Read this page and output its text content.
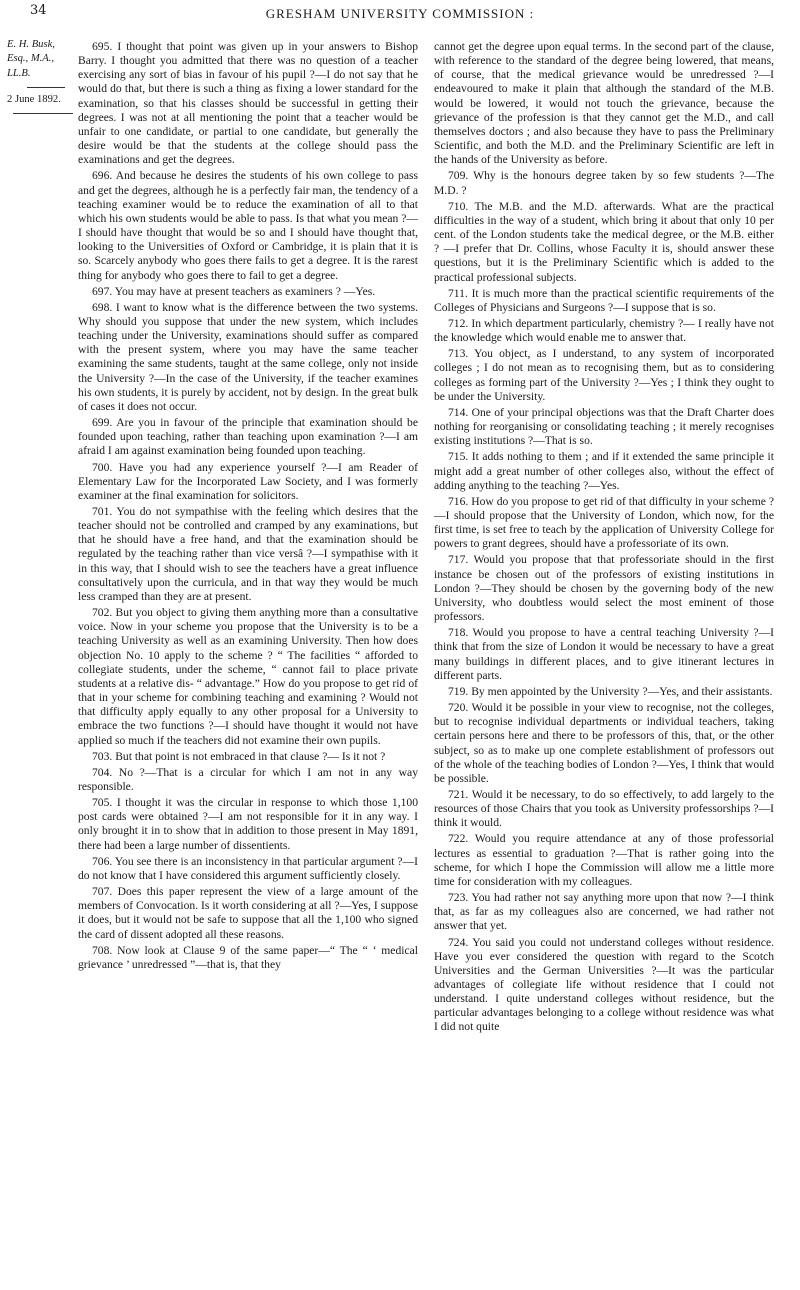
34	GRESHAM UNIVERSITY COMMISSION :
E. H. Busk,
Esq., M.A.,
LL.B.
2 June 1892.

695. I thought that point was given up in your answers to Bishop Barry. I thought you admitted that there was no question of a teacher exercising any sort of bias in favour of his pupil ?—I do not say that he would do that, but there is such a thing as fixing a lower standard for the examination, so that his classes should be successful in getting their degrees. I was not at all mentioning the point that a teacher would be unfair to one candidate, or partial to one candidate, but generally the desire would be that the students at the college should pass the examinations and get the degrees.

696. And because he desires the students of his own college to pass and get the degrees, although he is a perfectly fair man, the tendency of a teaching examiner would be to reduce the examination of all to that which his own students would be able to pass. Is that what you mean ?—I should have thought that would be so and I should have thought that, looking to the Universities of Oxford or Cambridge, it is plain that it is so. Scarcely anybody who goes there fails to get a degree. It is the rarest thing for anybody who goes there to fail to get a degree.

697. You may have at present teachers as examiners ? —Yes.

698. I want to know what is the difference between the two systems. Why should you suppose that under the new system, which includes teaching under the University, examinations should suffer as compared with the present system, where you may have the same teacher examining the same students, taught at the same college, only not inside the University ?—In the case of the University, if the teacher examines his own students, it is purely by accident, not by design. In the great bulk of cases it does not occur.

699. Are you in favour of the principle that examination should be founded upon teaching, rather than teaching upon examination ?—I am afraid I am against examination being founded upon teaching.

700. Have you had any experience yourself ?—I am Reader of Elementary Law for the Incorporated Law Society, and I was formerly examiner at the final examination for solicitors.

701. You do not sympathise with the feeling which desires that the teacher should not be controlled and cramped by any examinations, but that he should have a free hand, and that the examination should be regulated by the teaching rather than vice versâ ?—I sympathise with it in this way, that I should wish to see the teachers have a great influence consultatively upon the curricula, and in that way they would be much less cramped than they are at present.

702. But you object to giving them anything more than a consultative voice. Now in your scheme you propose that the University is to be a teaching University as well as an examining University. Then how does objection No. 10 apply to the scheme ? “ The facilities “ afforded to collegiate students, under the scheme, “ cannot fail to place private students at a relative dis- “ advantage.” How do you propose to get rid of that in your scheme for combining teaching and examining ? Would not that difficulty apply equally to any other proposal for a University to embrace the two functions ?—I should have thought it would not have applied so much if the teachers did not examine their own pupils.

703. But that point is not embraced in that clause ?— Is it not ?

704. No ?—That is a circular for which I am not in any way responsible.

705. I thought it was the circular in response to which those 1,100 post cards were obtained ?—I am not responsible for it in any way. I only brought it in to show that in addition to those present in May 1891, there had been a large number of dissentients.

706. You see there is an inconsistency in that particular argument ?—I do not know that I have considered this argument sufficiently closely.

707. Does this paper represent the view of a large amount of the members of Convocation. Is it worth considering at all ?—Yes, I suppose it does, but it would not be safe to suppose that all the 1,100 who signed the card of dissent adopted all these reasons.

708. Now look at Clause 9 of the same paper—“ The “ ‘ medical grievance ’ unredressed ”—that is, that they

cannot get the degree upon equal terms. In the second part of the clause, with reference to the standard of the degree being lowered, that means, of course, that the medical grievance would be unredressed ?—I endeavoured to make it plain that although the standard of the M.B. would be lowered, it would not touch the grievance, because the grievance of the profession is that they cannot get the M.D., and call themselves doctors ; and also because they have to pass the Preliminary Scientific, and both the M.D. and the Preliminary Scientific are left in the hands of the University as before.

709. Why is the honours degree taken by so few students ?—The M.D. ?

710. The M.B. and the M.D. afterwards. What are the practical difficulties in the way of a student, which bring it about that only 10 per cent. of the London students take the medical degree, or the M.B. either ? —I prefer that Dr. Collins, whose Faculty it is, should answer these questions, but it is the Preliminary Scientific which is added to the practical professional subjects.

711. It is much more than the practical scientific requirements of the Colleges of Physicians and Surgeons ?—I suppose that is so.

712. In which department particularly, chemistry ?— I really have not the knowledge which would enable me to answer that.

713. You object, as I understand, to any system of incorporated colleges ; I do not mean as to recognising them, but as to considering colleges as forming part of the University ?—Yes ; I think they ought to be under the University.

714. One of your principal objections was that the Draft Charter does nothing for reorganising or consolidating teaching ; it merely recognises existing institutions ?—That is so.

715. It adds nothing to them ; and if it extended the same principle it might add a great number of other colleges also, without the effect of adding anything to the teaching ?—Yes.

716. How do you propose to get rid of that difficulty in your scheme ?—I should propose that the University of London, which now, for the first time, is set free to teach by the application of University College for powers to grant degrees, should have a professoriate of its own.

717. Would you propose that that professoriate should in the first instance be chosen out of the professors of existing institutions in London ?—They should be chosen by the governing body of the new University, who doubtless would select the most eminent of those professors.

718. Would you propose to have a central teaching University ?—I think that from the size of London it would be necessary to have a great many buildings in different places, and to give itinerant lectures in different parts.

719. By men appointed by the University ?—Yes, and their assistants.

720. Would it be possible in your view to recognise, not the colleges, but to recognise individual departments or individual teachers, taking certain persons here and there to be professors of this, that, or the other subject, so as to make up one complete establishment of professors out of the whole of the teaching bodies of London ?—Yes, I think that would be possible.

721. Would it be necessary, to do so effectively, to add largely to the resources of those Chairs that you took as University professorships ?—I think it would.

722. Would you require attendance at any of those professorial lectures as essential to graduation ?—That is rather going into the scheme, for which I hope the Commission will allow me a little more time for consideration with my colleagues.

723. You had rather not say anything more upon that now ?—I think that, as far as my colleagues also are concerned, we had rather not answer that yet.

724. You said you could not understand colleges without residence. Have you ever considered the question with regard to the Scotch Universities and the German Universities ?—It was the particular advantages of collegiate life without residence that I could not understand. I quite understand colleges without residence, but the particular advantages belonging to a college without residence was what I did not quite
